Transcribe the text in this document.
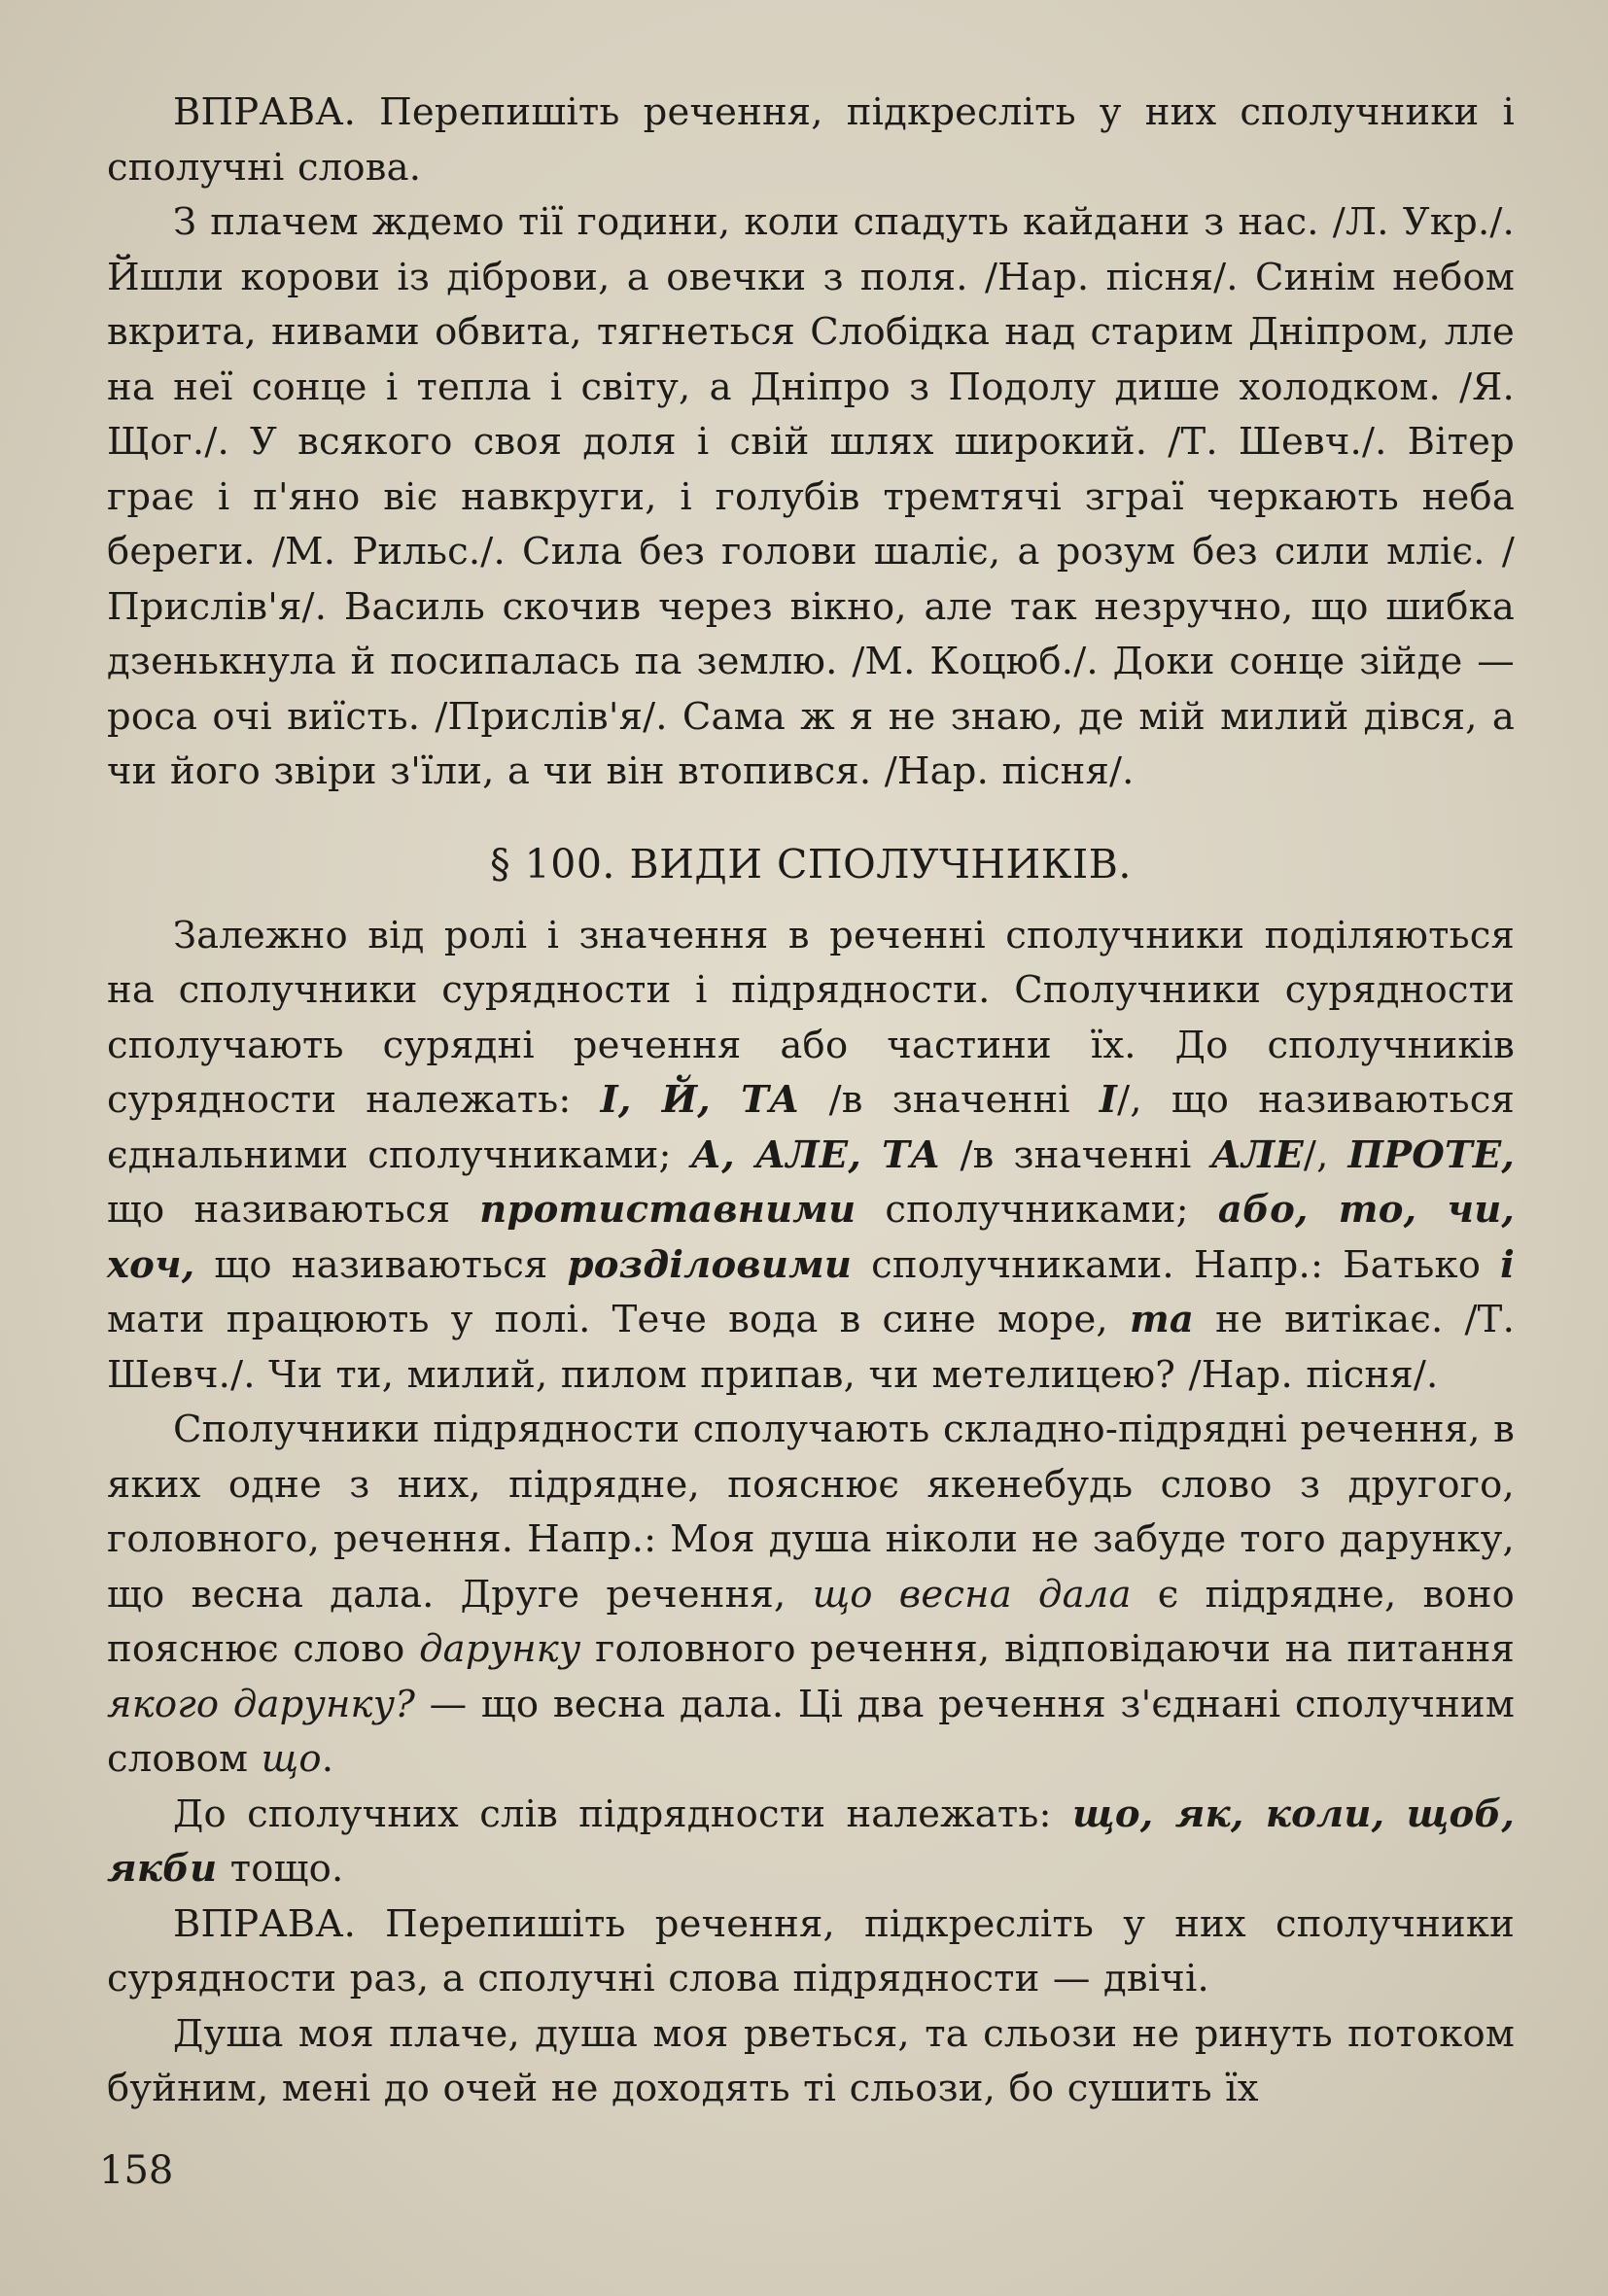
ВПРАВА. Перепишіть речення, підкресліть у них сполучники і сполучні слова.

З плачем ждемо тії години, коли спадуть кайдани з нас. /Л. Укр./. Йшли корови із діброви, а овечки з поля. /Нар. пісня/. Синім небом вкрита, нивами обвита, тягнеться Слобідка над старим Дніпром, лле на неї сонце і тепла і світу, а Дніпро з Подолу дише холодком. /Я. Щог./. У всякого своя доля і свій шлях широкий. /Т. Шевч./. Вітер грає і п'яно віє навкруги, і голубів тремтячі зграї черкають неба береги. /М. Рильс./. Сила без голови шаліє, а розум без сили мліє. /Прислів'я/. Василь скочив через вікно, але так незручно, що шибка дзенькнула й посипалась па землю. /М. Коцюб./. Доки сонце зійде — роса очі виїсть. /Прислів'я/. Сама ж я не знаю, де мій милий дівся, а чи його звіри з'їли, а чи він втопився. /Нар. пісня/.

§ 100. ВИДИ СПОЛУЧНИКІВ.

Залежно від ролі і значення в реченні сполучники поділяються на сполучники сурядности і підрядности. Сполучники сурядности сполучають сурядні речення або частини їх. До сполучників сурядности належать: І, Й, ТА /в значенні І/, що називаються єднальними сполучниками; А, АЛЕ, ТА /в значенні АЛЕ/, ПРОТЕ, що називаються протиставними сполучниками; або, то, чи, хоч, що називаються розділовими сполучниками. Напр.: Батько і мати працюють у полі. Тече вода в сине море, та не витікає. /Т. Шевч./. Чи ти, милий, пилом припав, чи метелицею? /Нар. пісня/.

Сполучники підрядности сполучають складно-підрядні речення, в яких одне з них, підрядне, пояснює якенебудь слово з другого, головного, речення. Напр.: Моя душа ніколи не забуде того дарунку, що весна дала. Друге речення, що весна дала є підрядне, воно пояснює слово дарунку головного речення, відповідаючи на питання якого дарунку? — що весна дала. Ці два речення з'єднані сполучним словом що.

До сполучних слів підрядности належать: що, як, коли, щоб, якби тощо.

ВПРАВА. Перепишіть речення, підкресліть у них сполучники сурядности раз, а сполучні слова підрядности — двічі.

Душа моя плаче, душа моя рветься, та сльози не ринуть потоком буйним, мені до очей не доходять ті сльози, бо сушить їх

158
